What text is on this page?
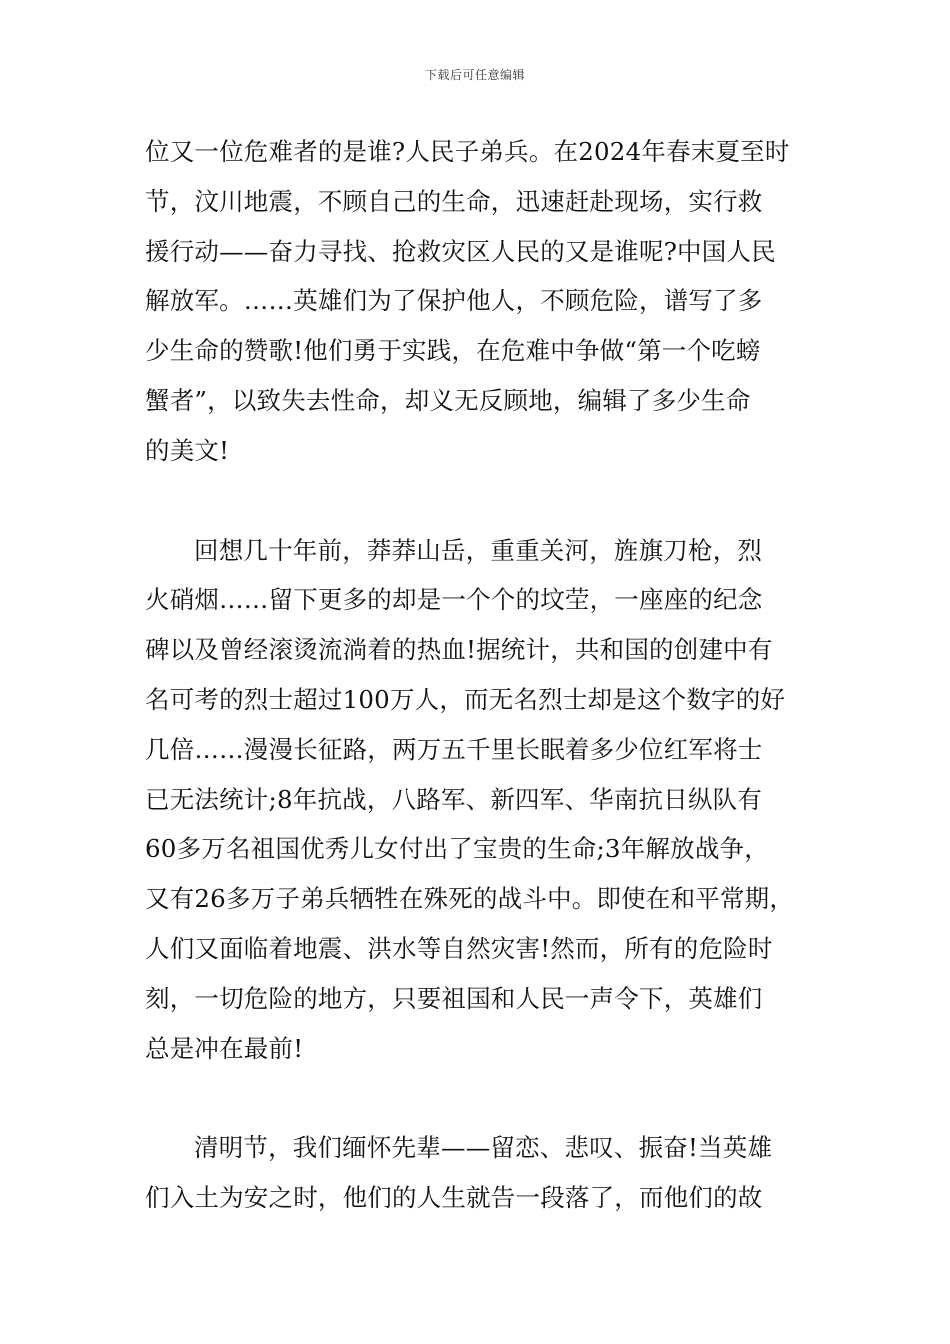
下载后可任意编辑
位又一位危难者的是谁?人民子弟兵。在2024年春末夏至时
节，汶川地震，不顾自己的生命，迅速赶赴现场，实行救
援行动——奋力寻找、抢救灾区人民的又是谁呢?中国人民
解放军。……英雄们为了保护他人，不顾危险，谱写了多
少生命的赞歌!他们勇于实践，在危难中争做“第一个吃螃
蟹者”，以致失去性命，却义无反顾地，编辑了多少生命
的美文!
回想几十年前，莽莽山岳，重重关河，旌旗刀枪，烈
火硝烟……留下更多的却是一个个的坟茔，一座座的纪念
碑以及曾经滚烫流淌着的热血!据统计，共和国的创建中有
名可考的烈士超过100万人，而无名烈士却是这个数字的好
几倍……漫漫长征路，两万五千里长眠着多少位红军将士
已无法统计;8年抗战，八路军、新四军、华南抗日纵队有
60多万名祖国优秀儿女付出了宝贵的生命;3年解放战争，
又有26多万子弟兵牺牲在殊死的战斗中。即使在和平常期，
人们又面临着地震、洪水等自然灾害!然而，所有的危险时
刻，一切危险的地方，只要祖国和人民一声令下，英雄们
总是冲在最前!
清明节，我们缅怀先辈——留恋、悲叹、振奋!当英雄
们入土为安之时，他们的人生就告一段落了，而他们的故
